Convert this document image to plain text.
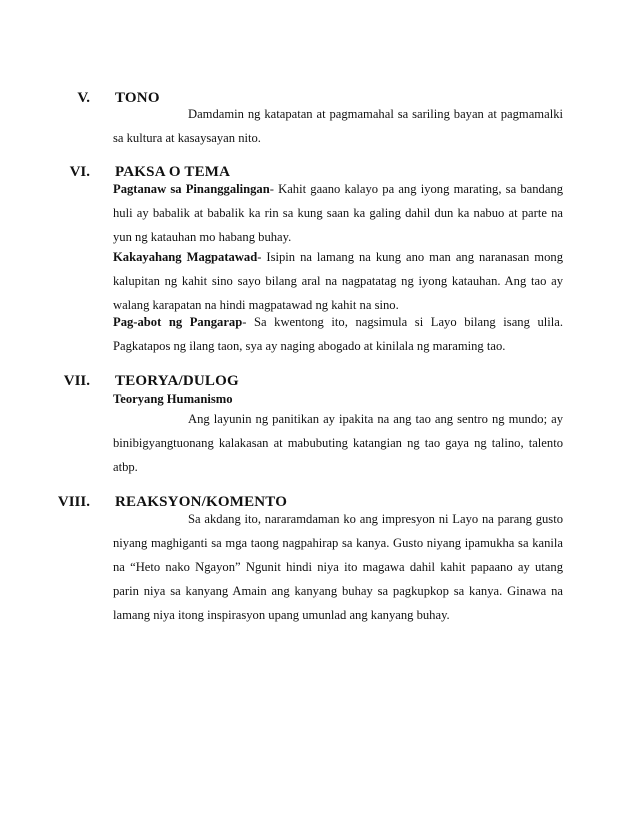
V. TONO
Damdamin ng katapatan at pagmamahal sa sariling bayan at pagmamalki sa kultura at kasaysayan nito.
VI. PAKSA O TEMA
Pagtanaw sa Pinanggalingan- Kahit gaano kalayo pa ang iyong marating, sa bandang huli ay babalik at babalik ka rin sa kung saan ka galing dahil dun ka nabuo at parte na yun ng katauhan mo habang buhay.
Kakayahang Magpatawad- Isipin na lamang na kung ano man ang naranasan mong kalupitan ng kahit sino sayo bilang aral na nagpatatag ng iyong katauhan. Ang tao ay walang karapatan na hindi magpatawad ng kahit na sino.
Pag-abot ng Pangarap- Sa kwentong ito, nagsimula si Layo bilang isang ulila. Pagkatapos ng ilang taon, sya ay naging abogado at kinilala ng maraming tao.
VII. TEORYA/DULOG
Teoryang Humanismo
Ang layunin ng panitikan ay ipakita na ang tao ang sentro ng mundo; ay binibigyangtuonang kalakasan at mabubuting katangian ng tao gaya ng talino, talento atbp.
VIII. REAKSYON/KOMENTO
Sa akdang ito, nararamdaman ko ang impresyon ni Layo na parang gusto niyang maghiganti sa mga taong nagpahirap sa kanya. Gusto niyang ipamukha sa kanila na “Heto nako Ngayon” Ngunit hindi niya ito magawa dahil kahit papaano ay utang parin niya sa kanyang Amain ang kanyang buhay sa pagkupkop sa kanya. Ginawa na lamang niya itong inspirasyon upang umunlad ang kanyang buhay.
